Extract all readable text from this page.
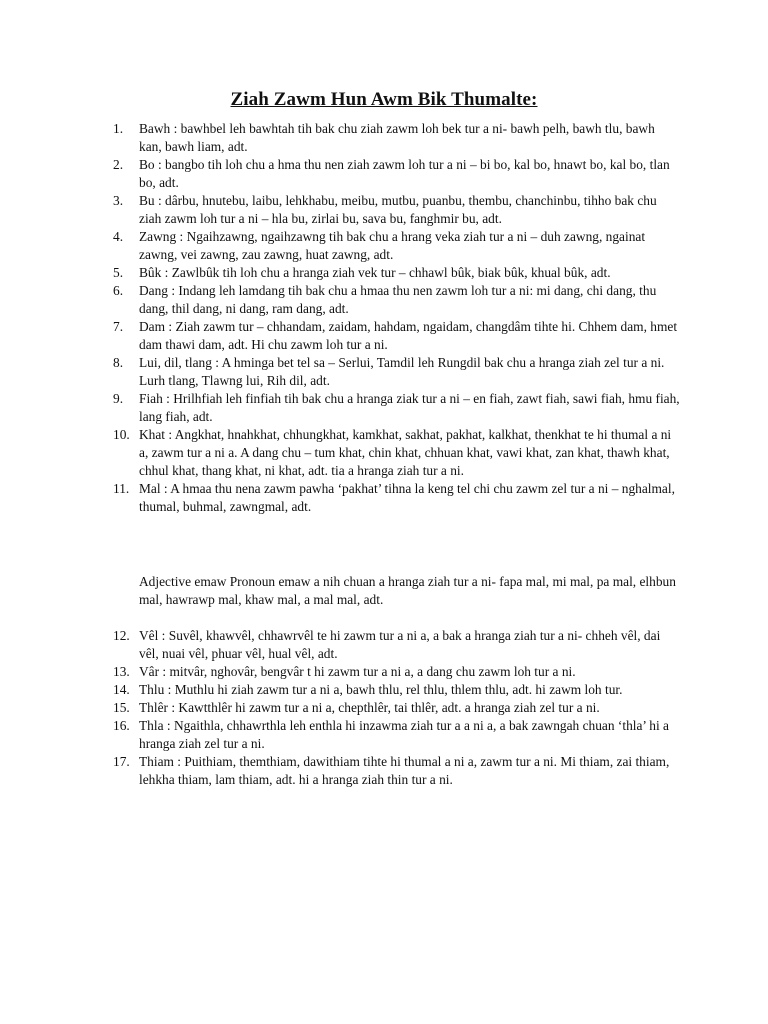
Ziah Zawm Hun Awm Bik Thumalte:
1. Bawh : bawhbel leh bawhtah tih bak chu ziah zawm loh bek tur a ni- bawh pelh, bawh tlu, bawh kan, bawh liam, adt.
2. Bo : bangbo tih loh chu a hma thu nen ziah zawm loh tur a ni – bi bo, kal bo, hnawt bo, kal bo, tlan bo, adt.
3. Bu : dârbu, hnutebu, laibu, lehkhabu, meibu, mutbu, puanbu, thembu, chanchinbu, tihho bak chu ziah zawm loh tur a ni – hla bu, zirlai bu, sava bu, fanghmir bu, adt.
4. Zawng : Ngaihzawng, ngaihzawng tih bak chu a hrang veka ziah tur a ni – duh zawng, ngainat zawng, vei zawng, zau zawng, huat zawng, adt.
5. Bûk : Zawlbûk tih loh chu a hranga ziah vek tur – chhawl bûk, biak bûk, khual bûk, adt.
6. Dang : Indang leh lamdang tih bak chu a hmaa thu nen zawm loh tur a ni: mi dang, chi dang, thu dang, thil dang, ni dang, ram dang, adt.
7. Dam : Ziah zawm tur – chhandam, zaidam, hahdam, ngaidam, changdâm tihte hi. Chhem dam, hmet dam thawi dam, adt. Hi chu zawm loh tur a ni.
8. Lui, dil, tlang : A hminga bet tel sa – Serlui, Tamdil leh Rungdil bak chu a hranga ziah zel tur a ni. Lurh tlang, Tlawng lui, Rih dil, adt.
9. Fiah : Hrilhfiah leh finfiah tih bak chu a hranga ziak tur a ni – en fiah, zawt fiah, sawi fiah, hmu fiah, lang fiah, adt.
10. Khat : Angkhat, hnahkhat, chhungkhat, kamkhat, sakhat, pakhat, kalkhat, thenkhat te hi thumal a ni a, zawm tur a ni a. A dang chu – tum khat, chin khat, chhuan khat, vawi khat, zan khat, thawh khat, chhul khat, thang khat, ni khat, adt. tia a hranga ziah tur a ni.
11. Mal : A hmaa thu nena zawm pawha ‘pakhat’ tihna la keng tel chi chu zawm zel tur a ni – nghalmal, thumal, buhmal, zawngmal, adt.

Adjective emaw Pronoun emaw a nih chuan a hranga ziah tur a ni- fapa mal, mi mal, pa mal, elhbun mal, hawrawp mal, khaw mal, a mal mal, adt.

12. Vêl : Suvêl, khawvêl, chhawrvêl te hi zawm tur a ni a, a bak a hranga ziah tur a ni- chheh vêl, dai vêl, nuai vêl, phuar vêl, hual vêl, adt.
13. Vâr : mitvâr, nghovâr, bengvâr t hi zawm tur a ni a, a dang chu zawm loh tur a ni.
14. Thlu : Muthlu hi ziah zawm tur a ni a, bawh thlu, rel thlu, thlem thlu, adt. hi zawm loh tur.
15. Thlêr : Kawtthlêr hi zawm tur a ni a, chepthlêr, tai thlêr, adt. a hranga ziah zel tur a ni.
16. Thla : Ngaithla, chhawrthla leh enthla hi inzawma ziah tur a a ni a, a bak zawngah chuan ‘thla’ hi a hranga ziah zel tur a ni.
17. Thiam : Puithiam, themthiam, dawithiam tihte hi thumal a ni a, zawm tur a ni. Mi thiam, zai thiam, lehkha thiam, lam thiam, adt. hi a hranga ziah thin tur a ni.
